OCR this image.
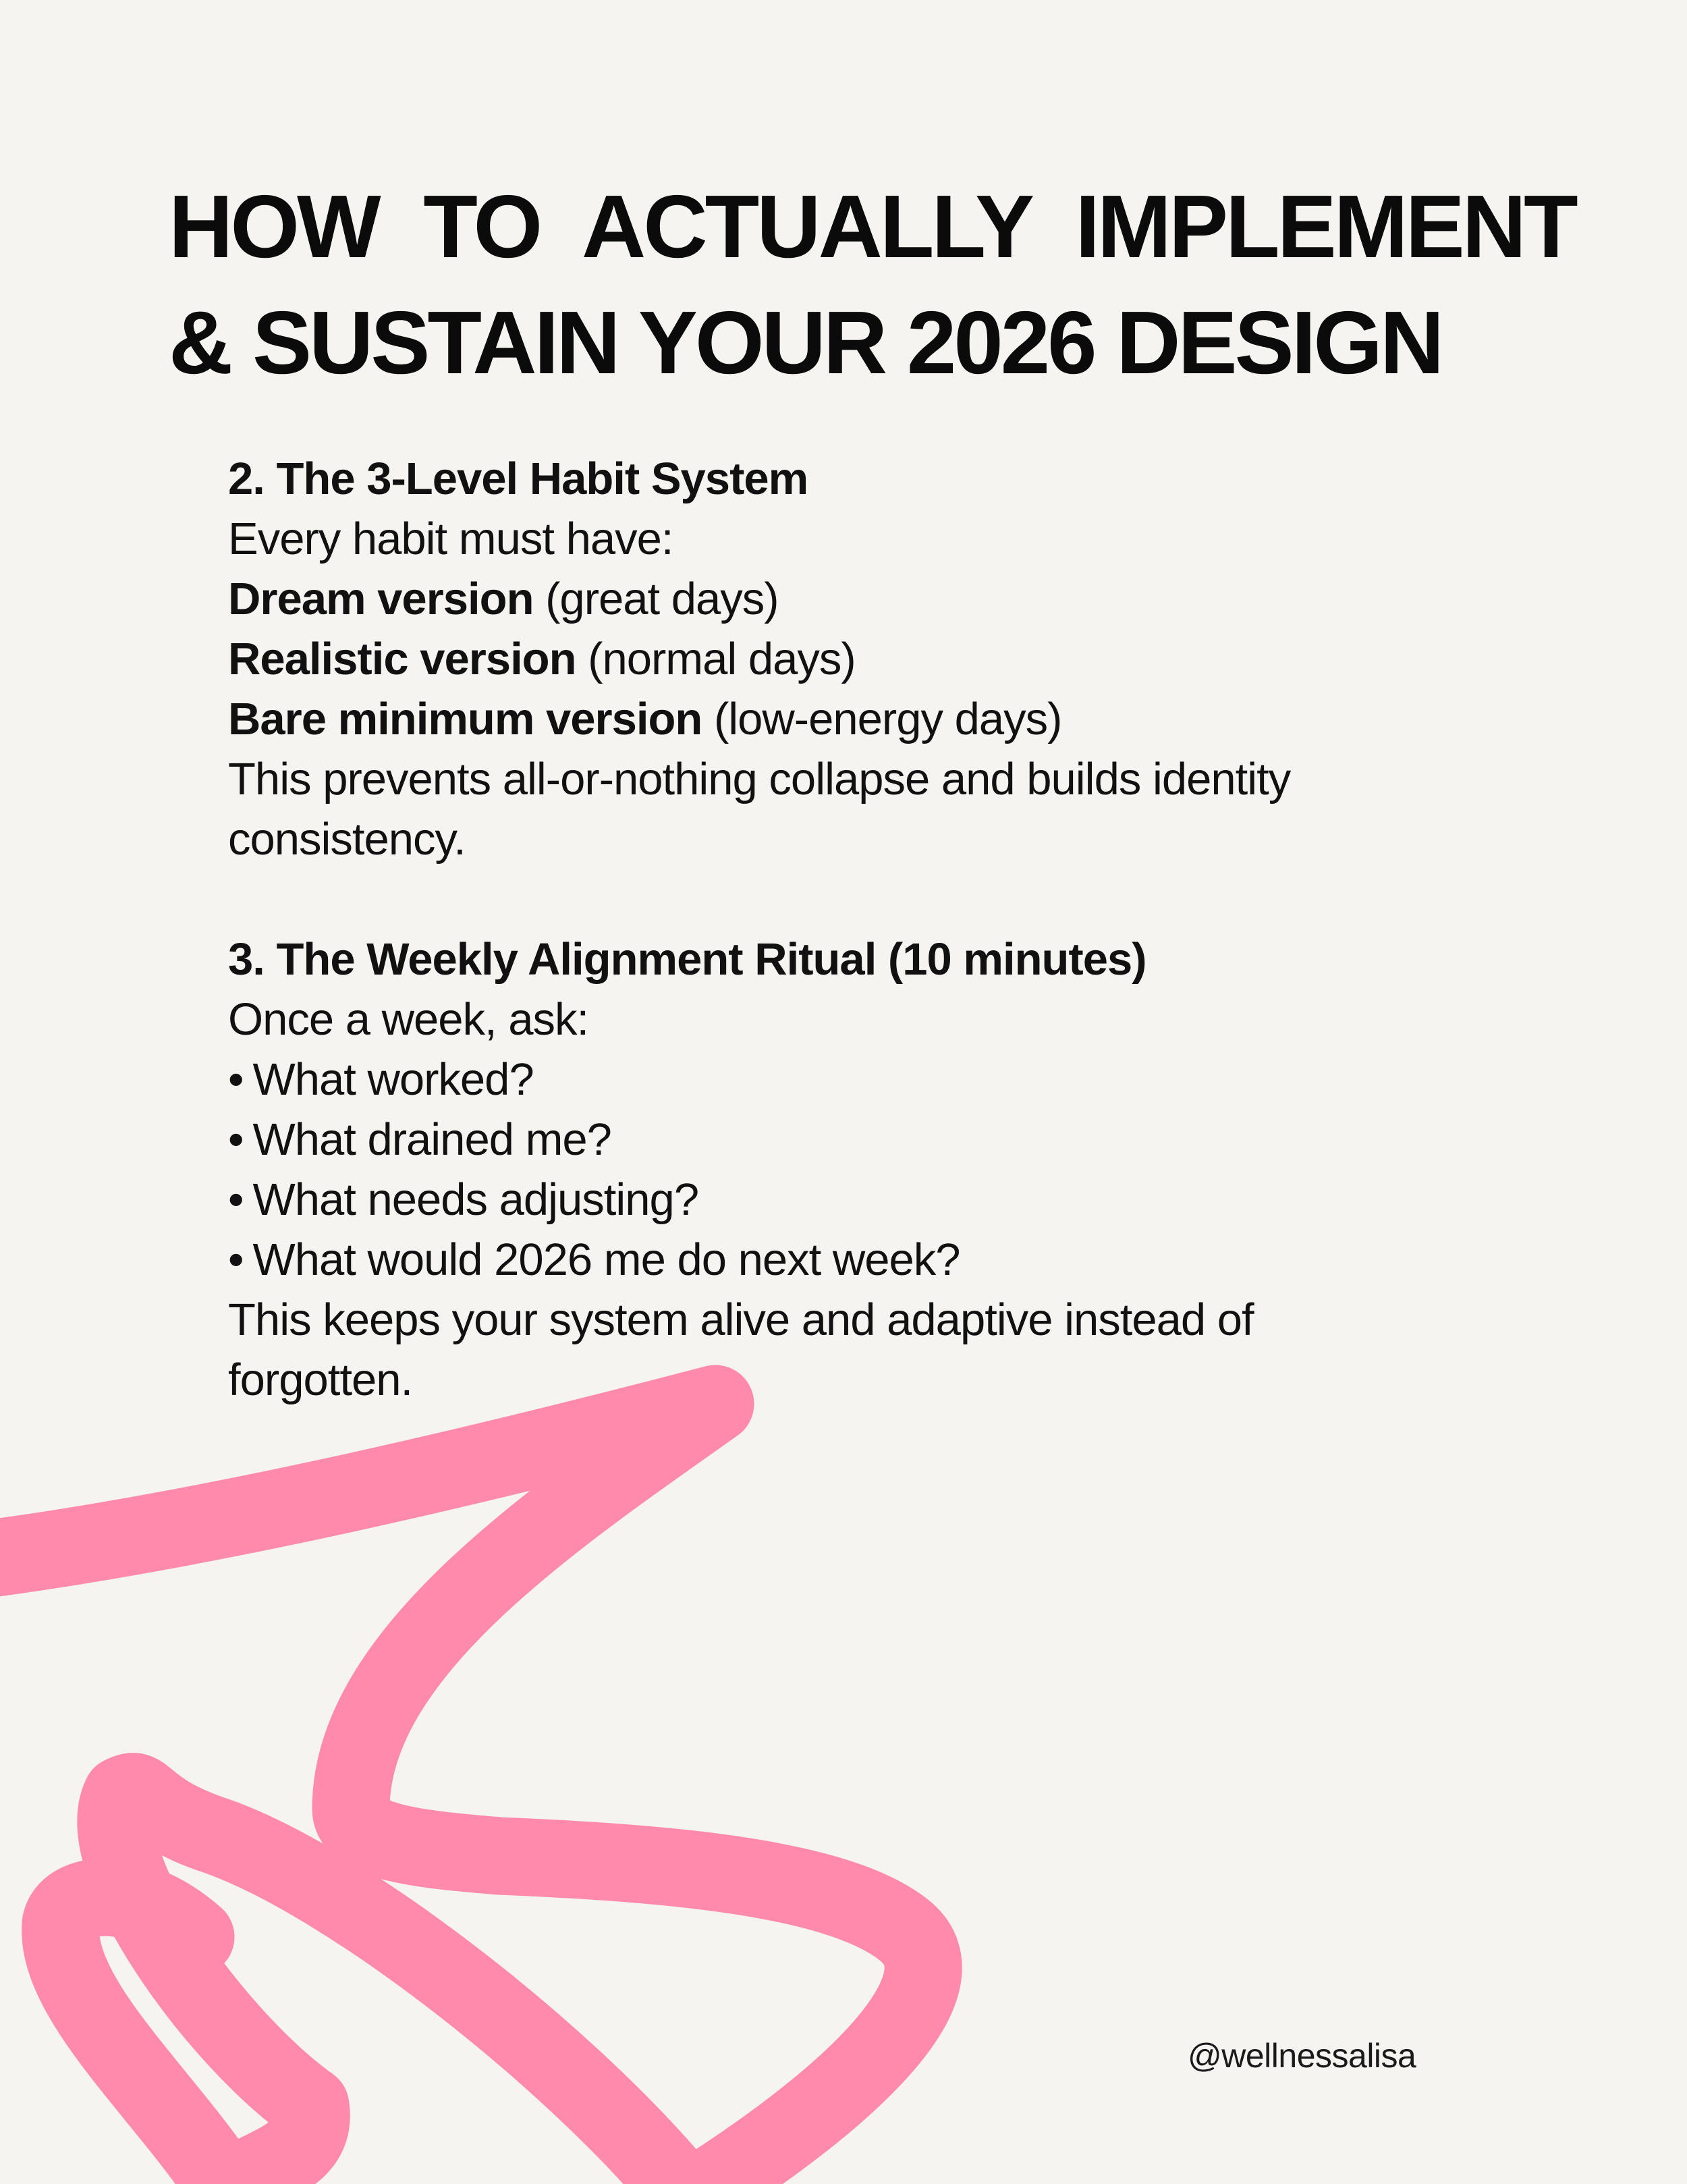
HOW TO ACTUALLY IMPLEMENT
& SUSTAIN YOUR 2026 DESIGN
2. The 3-Level Habit System
Every habit must have:
Dream version (great days)
Realistic version (normal days)
Bare minimum version (low-energy days)
This prevents all-or-nothing collapse and builds identity
consistency.
3. The Weekly Alignment Ritual (10 minutes)
Once a week, ask:
• What worked?
• What drained me?
• What needs adjusting?
• What would 2026 me do next week?
This keeps your system alive and adaptive instead of
forgotten.
@wellnessalisa
